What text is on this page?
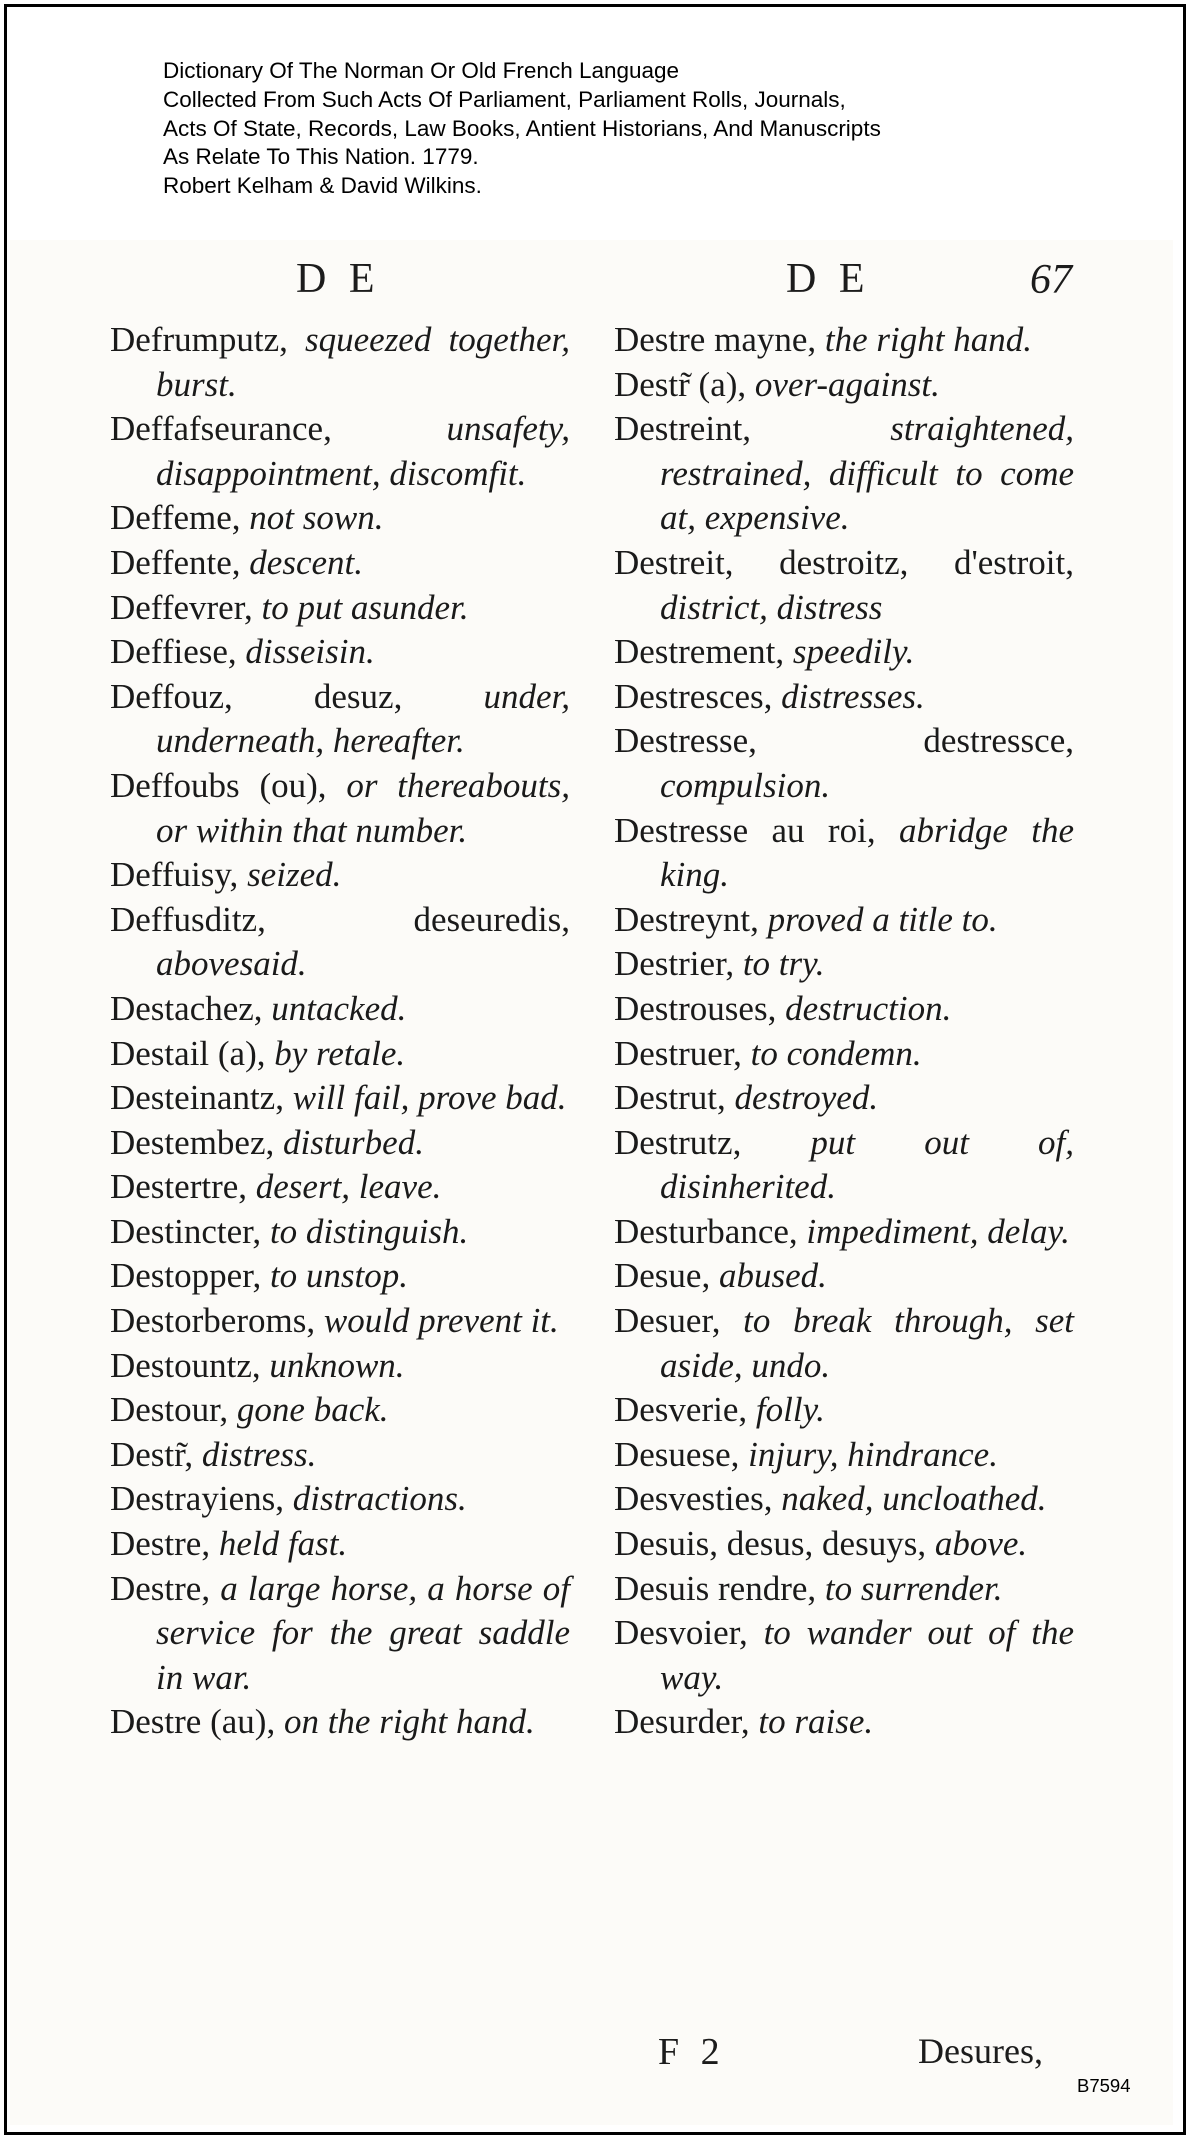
Dictionary Of The Norman Or Old French Language
Collected From Such Acts Of Parliament, Parliament Rolls, Journals,
Acts Of State, Records, Law Books, Antient Historians, And Manuscripts
As Relate To This Nation. 1779.
Robert Kelham & David Wilkins.
D E	D E	67
Defrumputz, squeezed together, burst.
Deffafseurance,	unsafety, disappointment, discomfit.
Deffeme, not sown.
Deffente, descent.
Deffevrer, to put asunder.
Deffiese, disseisin.
Deffouz, desuz, under, underneath, hereafter.
Deffoubs (ou), or thereabouts, or within that number.
Deffuisy, seized.
Deffusditz, deseuredis, abovesaid.
Destachez, untacked.
Destail (a), by retale.
Desteinantz, will fail, prove bad.
Destembez, disturbed.
Destertre, desert, leave.
Destincter, to distinguish.
Destopper, to unstop.
Destorberoms, would prevent it.
Destountz, unknown.
Destour, gone back.
Destr̃, distress.
Destrayiens, distractions.
Destre, held fast.
Destre, a large horse, a horse of service for the great saddle in war.
Destre (au), on the right hand.
Destre mayne, the right hand.
Destr̃ (a), over-against.
Destreint,	straightened, restrained, difficult to come at, expensive.
Destreit, destroitz, d'estroit, district, distress
Destrement, speedily.
Destresces, distresses.
Destresse, destressce, compulsion.
Destresse au roi, abridge the king.
Destreynt, proved a title to.
Destrier, to try.
Destrouses, destruction.
Destruer, to condemn.
Destrut, destroyed.
Destrutz, put out of, disinherited.
Desturbance, impediment, delay.
Desue, abused.
Desuer, to break through, set aside, undo.
Desverie, folly.
Desuese, injury, hindrance.
Desvesties, naked, uncloathed.
Desuis, desus, desuys, above.
Desuis rendre, to surrender.
Desvoier, to wander out of the way.
Desurder, to raise.
F 2	Desures,
B7594
